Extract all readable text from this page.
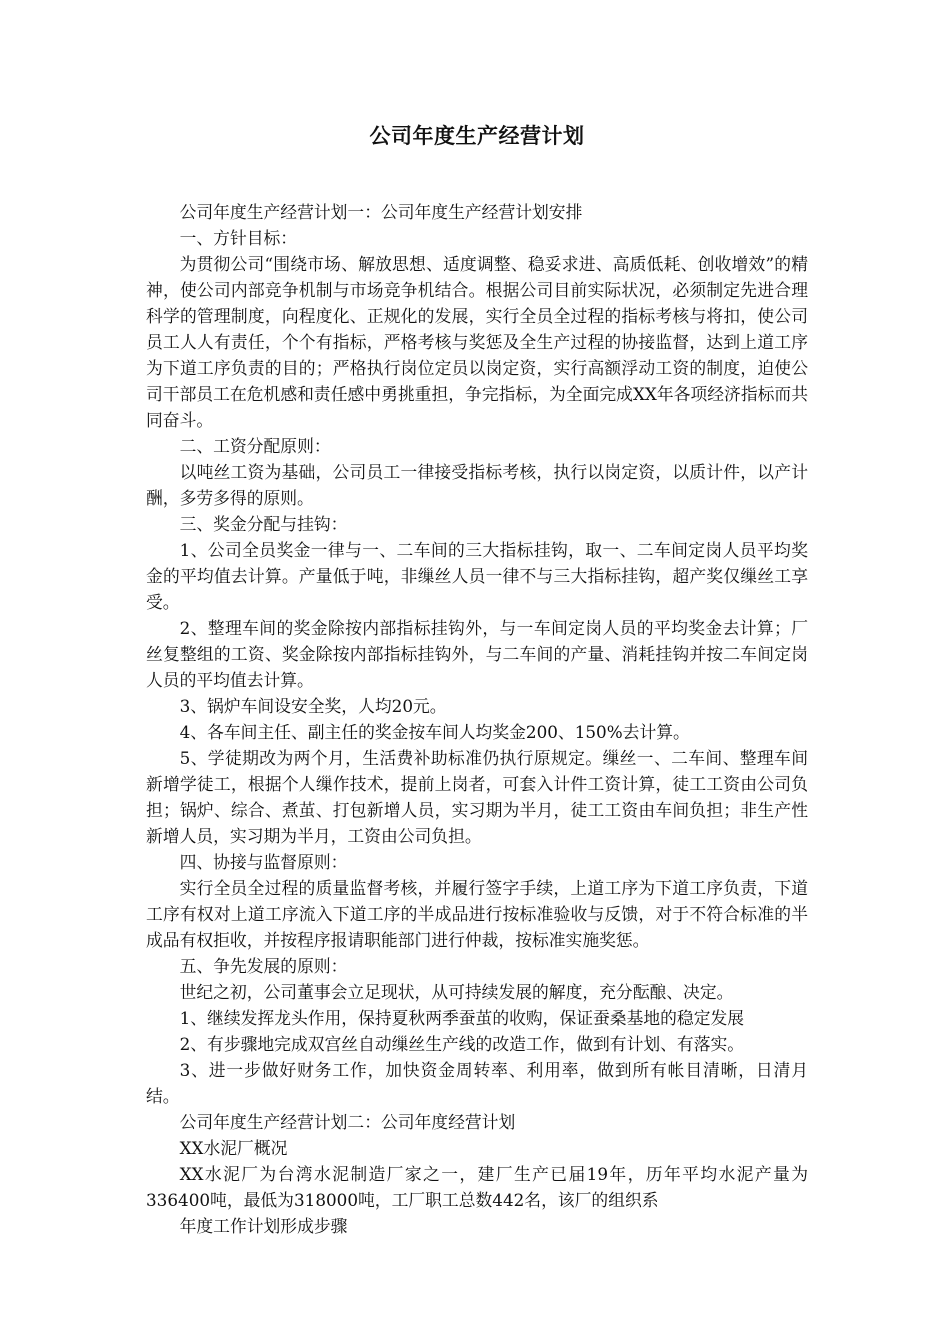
公司年度生产经营计划

公司年度生产经营计划一：公司年度生产经营计划安排

一、方针目标：

为贯彻公司“围绕市场、解放思想、适度调整、稳妥求进、高质低耗、创收增效”的精神，使公司内部竞争机制与市场竞争机结合。根据公司目前实际状况，必须制定先进合理科学的管理制度，向程度化、正规化的发展，实行全员全过程的指标考核与将扣，使公司员工人人有责任，个个有指标，严格考核与奖惩及全生产过程的协接监督，达到上道工序为下道工序负责的目的；严格执行岗位定员以岗定资，实行高额浮动工资的制度，迫使公司干部员工在危机感和责任感中勇挑重担，争完指标，为全面完成XX年各项经济指标而共同奋斗。

二、工资分配原则：

以吨丝工资为基础，公司员工一律接受指标考核，执行以岗定资，以质计件，以产计酬，多劳多得的原则。

三、奖金分配与挂钩：

1、公司全员奖金一律与一、二车间的三大指标挂钩，取一、二车间定岗人员平均奖金的平均值去计算。产量低于吨，非缫丝人员一律不与三大指标挂钩，超产奖仅缫丝工享受。

2、整理车间的奖金除按内部指标挂钩外，与一车间定岗人员的平均奖金去计算；厂丝复整组的工资、奖金除按内部指标挂钩外，与二车间的产量、消耗挂钩并按二车间定岗人员的平均值去计算。

3、锅炉车间设安全奖，人均20元。

4、各车间主任、副主任的奖金按车间人均奖金200、150%去计算。

5、学徒期改为两个月，生活费补助标准仍执行原规定。缫丝一、二车间、整理车间新增学徒工，根据个人缫作技术，提前上岗者，可套入计件工资计算，徒工工资由公司负担；锅炉、综合、煮茧、打包新增人员，实习期为半月，徒工工资由车间负担；非生产性新增人员，实习期为半月，工资由公司负担。

四、协接与监督原则：

实行全员全过程的质量监督考核，并履行签字手续，上道工序为下道工序负责，下道工序有权对上道工序流入下道工序的半成品进行按标准验收与反馈，对于不符合标准的半成品有权拒收，并按程序报请职能部门进行仲裁，按标准实施奖惩。

五、争先发展的原则：

世纪之初，公司董事会立足现状，从可持续发展的解度，充分酝酿、决定。

1、继续发挥龙头作用，保持夏秋两季蚕茧的收购，保证蚕桑基地的稳定发展

2、有步骤地完成双宫丝自动缫丝生产线的改造工作，做到有计划、有落实。

3、进一步做好财务工作，加快资金周转率、利用率，做到所有帐目清晰，日清月结。

公司年度生产经营计划二：公司年度经营计划

XX水泥厂概况

XX水泥厂为台湾水泥制造厂家之一，建厂生产已届19年，历年平均水泥产量为336400吨，最低为318000吨，工厂职工总数442名，该厂的组织系

年度工作计划形成步骤
